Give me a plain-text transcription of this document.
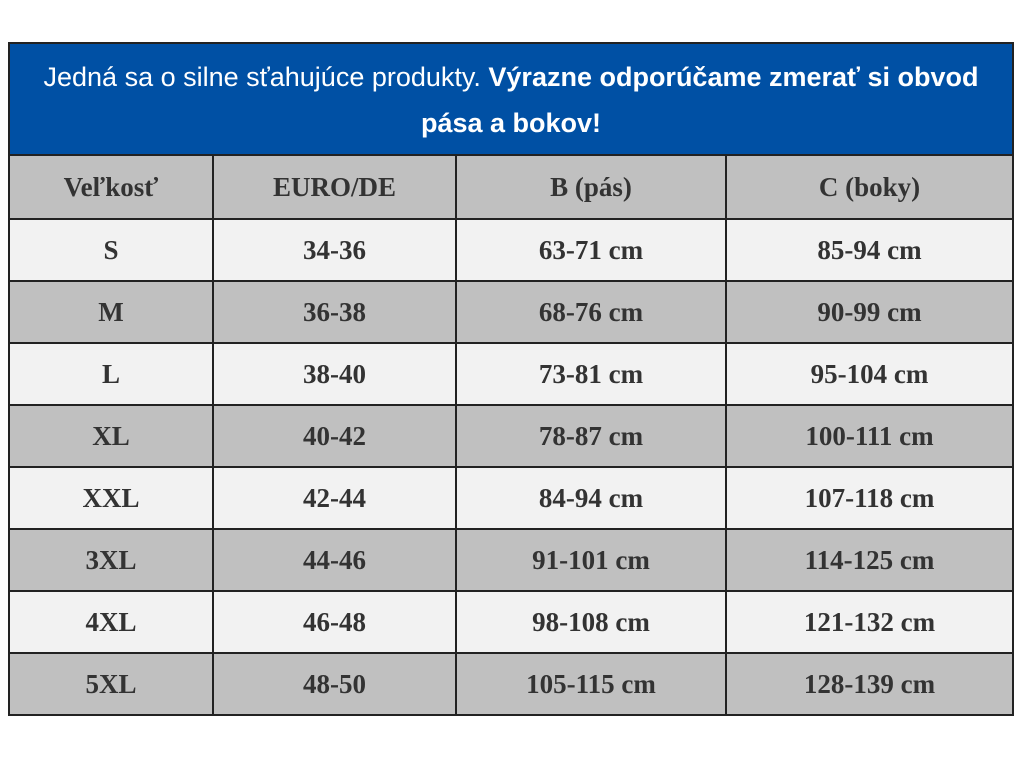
Jedná sa o silne sťahujúce produkty. Výrazne odporúčame zmerať si obvod pása a bokov!
Veľkosť	EURO/DE	B (pás)	C (boky)
S	34-36	63-71 cm	85-94 cm
M	36-38	68-76 cm	90-99 cm
L	38-40	73-81 cm	95-104 cm
XL	40-42	78-87 cm	100-111 cm
XXL	42-44	84-94 cm	107-118 cm
3XL	44-46	91-101 cm	114-125 cm
4XL	46-48	98-108 cm	121-132 cm
5XL	48-50	105-115 cm	128-139 cm
